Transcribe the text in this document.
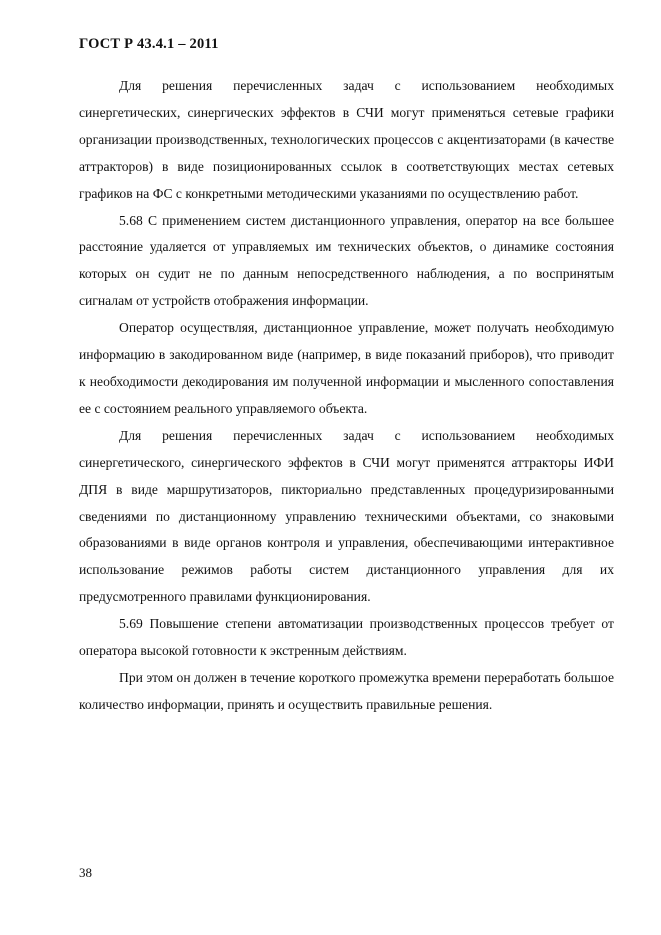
ГОСТ Р 43.4.1 – 2011

Для решения перечисленных задач с использованием необходимых синергетических, синергических эффектов в СЧИ могут применяться сетевые графики организации производственных, технологических процессов с акцентизаторами (в качестве аттракторов) в виде позиционированных ссылок в соответствующих местах сетевых графиков на ФС с конкретными методическими указаниями по осуществлению работ.

5.68 С применением систем дистанционного управления, оператор на все большее расстояние удаляется от управляемых им технических объектов, о динамике состояния которых он судит не по данным непосредственного наблюдения, а по воспринятым сигналам от устройств отображения информации.

Оператор осуществляя, дистанционное управление, может получать необходимую информацию в закодированном виде (например, в виде показаний приборов), что приводит к необходимости декодирования им полученной информации и мысленного сопоставления ее с состоянием реального управляемого объекта.

Для решения перечисленных задач с использованием необходимых синергетического, синергического эффектов в СЧИ могут применятся аттракторы ИФИ ДПЯ в виде маршрутизаторов, пикториально представленных процедуризированными сведениями по дистанционному управлению техническими объектами, со знаковыми образованиями в виде органов контроля и управления, обеспечивающими интерактивное использование режимов работы систем дистанционного управления для их предусмотренного правилами функционирования.

5.69 Повышение степени автоматизации производственных процессов требует от оператора высокой готовности к экстренным действиям.

При этом он должен в течение короткого промежутка времени переработать большое количество информации, принять и осуществить правильные решения.

38
